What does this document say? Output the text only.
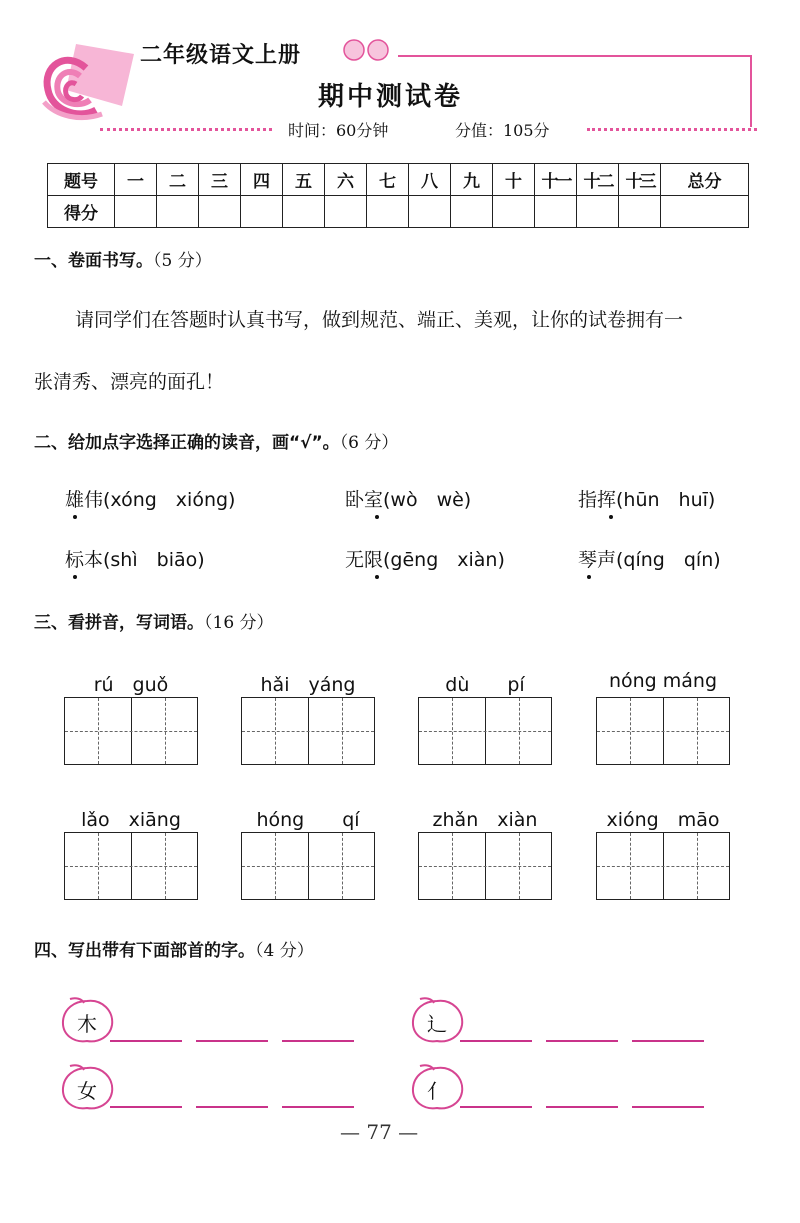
二年级语文上册
期中测试卷
时间：60分钟	分值：105分
题号	一	二	三	四	五	六	七	八	九	十	十一	十二	十三	总分
得分														
一、卷面书写。（5 分）
请同学们在答题时认真书写，做到规范、端正、美观，让你的试卷拥有一
张清秀、漂亮的面孔！
二、给加点字选择正确的读音，画“√”。（6 分）
雄伟(xóng　xióng)	卧室(wò　wè)	指挥(hūn　huī)
标本(shì　biāo)	无限(gēng　xiàn)	琴声(qíng　qín)
三、看拼音，写词语。（16 分）
rú　guǒ	hǎi　yáng	dù　　pí	nóng máng
lǎo　xiāng	hóng　　qí	zhǎn　xiàn	xióng　māo
四、写出带有下面部首的字。（4 分）
木	辶
女	亻
— 77 —
